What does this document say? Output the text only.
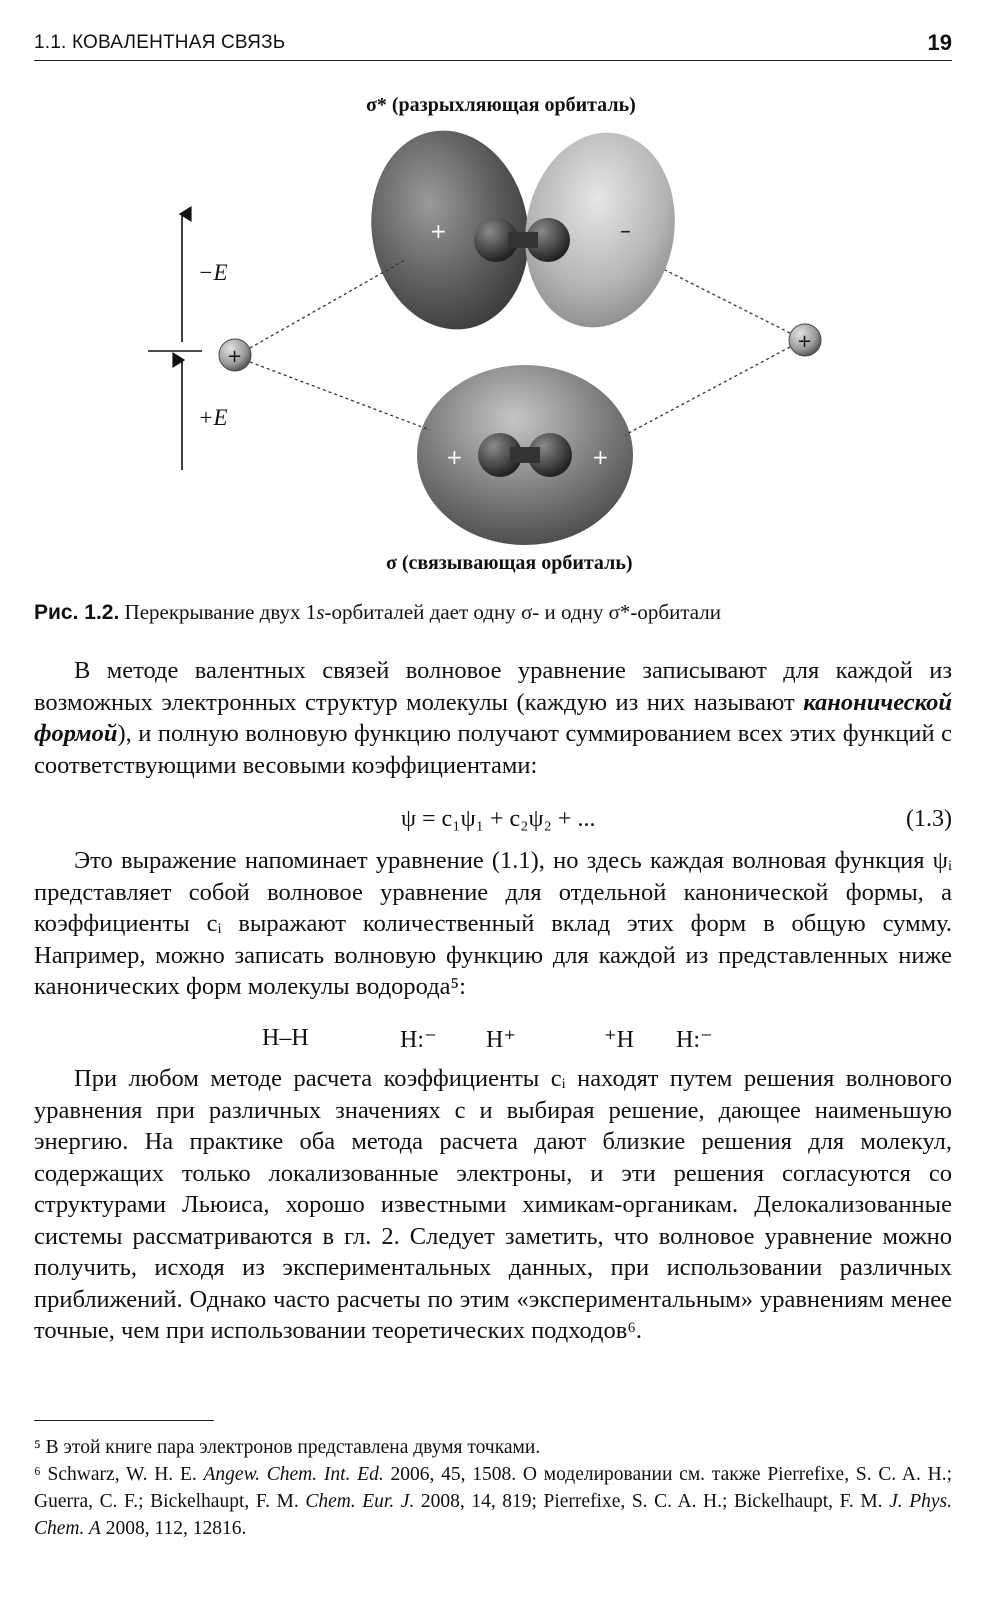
1.1. КОВАЛЕНТНАЯ СВЯЗЬ	19
σ* (разрыхляющая орбиталь)
+	–
+	+
+
+
−E
+E
σ (связывающая орбиталь)
Рис. 1.2. Перекрывание двух 1s-орбиталей дает одну σ- и одну σ*-орбитали
В методе валентных связей волновое уравнение записывают для каждой из возможных электронных структур молекулы (каждую из них называют канонической формой), и полную волновую функцию получают суммированием всех этих функций с соответствующими весовыми коэффициентами:
ψ = c₁ψ₁ + c₂ψ₂ + ...	(1.3)
Это выражение напоминает уравнение (1.1), но здесь каждая волновая функция ψᵢ представляет собой волновое уравнение для отдельной канонической формы, а коэффициенты cᵢ выражают количественный вклад этих форм в общую сумму. Например, можно записать волновую функцию для каждой из представленных ниже канонических форм молекулы водорода⁵:
H–H	H:⁻ H⁺	⁺H H:⁻
При любом методе расчета коэффициенты cᵢ находят путем решения волнового уравнения при различных значениях c и выбирая решение, дающее наименьшую энергию. На практике оба метода расчета дают близкие решения для молекул, содержащих только локализованные электроны, и эти решения согласуются со структурами Льюиса, хорошо известными химикам-органикам. Делокализованные системы рассматриваются в гл. 2. Следует заметить, что волновое уравнение можно получить, исходя из экспериментальных данных, при использовании различных приближений. Однако часто расчеты по этим «экспериментальным» уравнениям менее точные, чем при использовании теоретических подходов⁶.
⁵ В этой книге пара электронов представлена двумя точками.
⁶ Schwarz, W. H. E. Angew. Chem. Int. Ed. 2006, 45, 1508. О моделировании см. также Pierrefixe, S. C. A. H.; Guerra, C. F.; Bickelhaupt, F. M. Chem. Eur. J. 2008, 14, 819; Pierrefixe, S. C. A. H.; Bickelhaupt, F. M. J. Phys. Chem. A 2008, 112, 12816.
